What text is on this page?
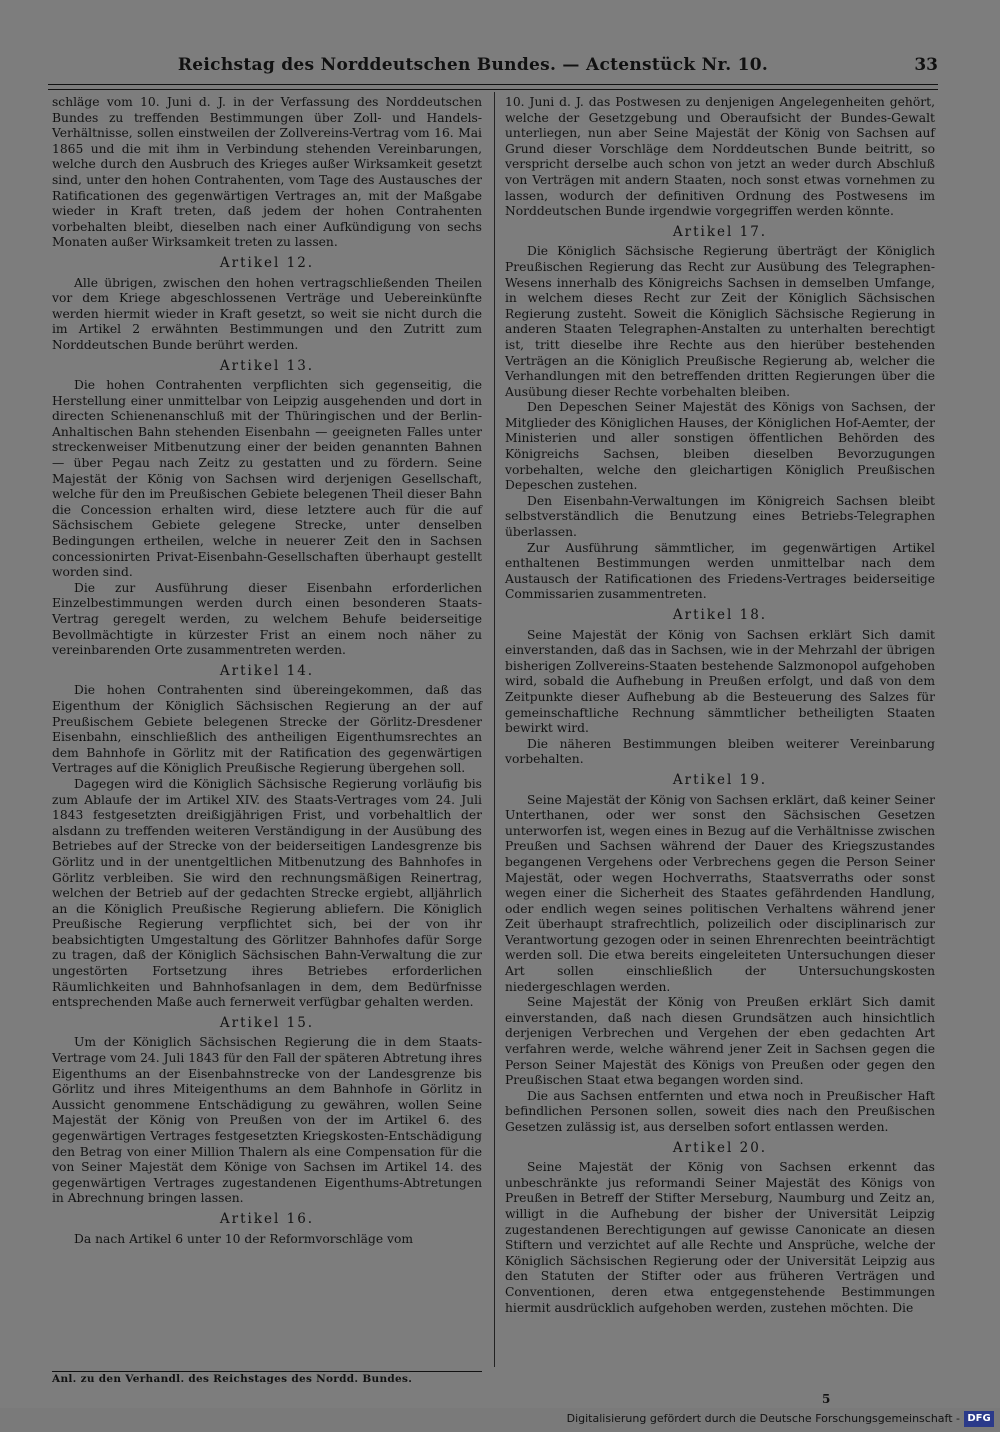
Reichstag des Norddeutschen Bundes. — Actenstück Nr. 10.	33

schläge vom 10. Juni d. J. in der Verfassung des Norddeutschen Bundes zu treffenden Bestimmungen über Zoll- und Handels-Verhältnisse, sollen einstweilen der Zollvereins-Vertrag vom 16. Mai 1865 und die mit ihm in Verbindung stehenden Vereinbarungen, welche durch den Ausbruch des Krieges außer Wirksamkeit gesetzt sind, unter den hohen Contrahenten, vom Tage des Austausches der Ratificationen des gegenwärtigen Vertrages an, mit der Maßgabe wieder in Kraft treten, daß jedem der hohen Contrahenten vorbehalten bleibt, dieselben nach einer Aufkündigung von sechs Monaten außer Wirksamkeit treten zu lassen.

Artikel 12.

Alle übrigen, zwischen den hohen vertragschließenden Theilen vor dem Kriege abgeschlossenen Verträge und Uebereinkünfte werden hiermit wieder in Kraft gesetzt, so weit sie nicht durch die im Artikel 2 erwähnten Bestimmungen und den Zutritt zum Norddeutschen Bunde berührt werden.

Artikel 13.

Die hohen Contrahenten verpflichten sich gegenseitig, die Herstellung einer unmittelbar von Leipzig ausgehenden und dort in directen Schienenanschluß mit der Thüringischen und der Berlin-Anhaltischen Bahn stehenden Eisenbahn — geeigneten Falles unter streckenweiser Mitbenutzung einer der beiden genannten Bahnen — über Pegau nach Zeitz zu gestatten und zu fördern. Seine Majestät der König von Sachsen wird derjenigen Gesellschaft, welche für den im Preußischen Gebiete belegenen Theil dieser Bahn die Concession erhalten wird, diese letztere auch für die auf Sächsischem Gebiete gelegene Strecke, unter denselben Bedingungen ertheilen, welche in neuerer Zeit den in Sachsen concessionirten Privat-Eisenbahn-Gesellschaften überhaupt gestellt worden sind.

Die zur Ausführung dieser Eisenbahn erforderlichen Einzelbestimmungen werden durch einen besonderen Staats-Vertrag geregelt werden, zu welchem Behufe beiderseitige Bevollmächtigte in kürzester Frist an einem noch näher zu vereinbarenden Orte zusammentreten werden.

Artikel 14.

Die hohen Contrahenten sind übereingekommen, daß das Eigenthum der Königlich Sächsischen Regierung an der auf Preußischem Gebiete belegenen Strecke der Görlitz-Dresdener Eisenbahn, einschließlich des antheiligen Eigenthumsrechtes an dem Bahnhofe in Görlitz mit der Ratification des gegenwärtigen Vertrages auf die Königlich Preußische Regierung übergehen soll.

Dagegen wird die Königlich Sächsische Regierung vorläufig bis zum Ablaufe der im Artikel XIV. des Staats-Vertrages vom 24. Juli 1843 festgesetzten dreißigjährigen Frist, und vorbehaltlich der alsdann zu treffenden weiteren Verständigung in der Ausübung des Betriebes auf der Strecke von der beiderseitigen Landesgrenze bis Görlitz und in der unentgeltlichen Mitbenutzung des Bahnhofes in Görlitz verbleiben. Sie wird den rechnungsmäßigen Reinertrag, welchen der Betrieb auf der gedachten Strecke ergiebt, alljährlich an die Königlich Preußische Regierung abliefern. Die Königlich Preußische Regierung verpflichtet sich, bei der von ihr beabsichtigten Umgestaltung des Görlitzer Bahnhofes dafür Sorge zu tragen, daß der Königlich Sächsischen Bahn-Verwaltung die zur ungestörten Fortsetzung ihres Betriebes erforderlichen Räumlichkeiten und Bahnhofsanlagen in dem, dem Bedürfnisse entsprechenden Maße auch fernerweit verfügbar gehalten werden.

Artikel 15.

Um der Königlich Sächsischen Regierung die in dem Staats-Vertrage vom 24. Juli 1843 für den Fall der späteren Abtretung ihres Eigenthums an der Eisenbahnstrecke von der Landesgrenze bis Görlitz und ihres Miteigenthums an dem Bahnhofe in Görlitz in Aussicht genommene Entschädigung zu gewähren, wollen Seine Majestät der König von Preußen von der im Artikel 6. des gegenwärtigen Vertrages festgesetzten Kriegskosten-Entschädigung den Betrag von einer Million Thalern als eine Compensation für die von Seiner Majestät dem Könige von Sachsen im Artikel 14. des gegenwärtigen Vertrages zugestandenen Eigenthums-Abtretungen in Abrechnung bringen lassen.

Artikel 16.

Da nach Artikel 6 unter 10 der Reformvorschläge vom

10. Juni d. J. das Postwesen zu denjenigen Angelegenheiten gehört, welche der Gesetzgebung und Oberaufsicht der Bundes-Gewalt unterliegen, nun aber Seine Majestät der König von Sachsen auf Grund dieser Vorschläge dem Norddeutschen Bunde beitritt, so verspricht derselbe auch schon von jetzt an weder durch Abschluß von Verträgen mit andern Staaten, noch sonst etwas vornehmen zu lassen, wodurch der definitiven Ordnung des Postwesens im Norddeutschen Bunde irgendwie vorgegriffen werden könnte.

Artikel 17.

Die Königlich Sächsische Regierung überträgt der Königlich Preußischen Regierung das Recht zur Ausübung des Telegraphen-Wesens innerhalb des Königreichs Sachsen in demselben Umfange, in welchem dieses Recht zur Zeit der Königlich Sächsischen Regierung zusteht. Soweit die Königlich Sächsische Regierung in anderen Staaten Telegraphen-Anstalten zu unterhalten berechtigt ist, tritt dieselbe ihre Rechte aus den hierüber bestehenden Verträgen an die Königlich Preußische Regierung ab, welcher die Verhandlungen mit den betreffenden dritten Regierungen über die Ausübung dieser Rechte vorbehalten bleiben.

Den Depeschen Seiner Majestät des Königs von Sachsen, der Mitglieder des Königlichen Hauses, der Königlichen Hof-Aemter, der Ministerien und aller sonstigen öffentlichen Behörden des Königreichs Sachsen, bleiben dieselben Bevorzugungen vorbehalten, welche den gleichartigen Königlich Preußischen Depeschen zustehen.

Den Eisenbahn-Verwaltungen im Königreich Sachsen bleibt selbstverständlich die Benutzung eines Betriebs-Telegraphen überlassen.

Zur Ausführung sämmtlicher, im gegenwärtigen Artikel enthaltenen Bestimmungen werden unmittelbar nach dem Austausch der Ratificationen des Friedens-Vertrages beiderseitige Commissarien zusammentreten.

Artikel 18.

Seine Majestät der König von Sachsen erklärt Sich damit einverstanden, daß das in Sachsen, wie in der Mehrzahl der übrigen bisherigen Zollvereins-Staaten bestehende Salzmonopol aufgehoben wird, sobald die Aufhebung in Preußen erfolgt, und daß von dem Zeitpunkte dieser Aufhebung ab die Besteuerung des Salzes für gemeinschaftliche Rechnung sämmtlicher betheiligten Staaten bewirkt wird.

Die näheren Bestimmungen bleiben weiterer Vereinbarung vorbehalten.

Artikel 19.

Seine Majestät der König von Sachsen erklärt, daß keiner Seiner Unterthanen, oder wer sonst den Sächsischen Gesetzen unterworfen ist, wegen eines in Bezug auf die Verhältnisse zwischen Preußen und Sachsen während der Dauer des Kriegszustandes begangenen Vergehens oder Verbrechens gegen die Person Seiner Majestät, oder wegen Hochverraths, Staatsverraths oder sonst wegen einer die Sicherheit des Staates gefährdenden Handlung, oder endlich wegen seines politischen Verhaltens während jener Zeit überhaupt strafrechtlich, polizeilich oder disciplinarisch zur Verantwortung gezogen oder in seinen Ehrenrechten beeinträchtigt werden soll. Die etwa bereits eingeleiteten Untersuchungen dieser Art sollen einschließlich der Untersuchungskosten niedergeschlagen werden.

Seine Majestät der König von Preußen erklärt Sich damit einverstanden, daß nach diesen Grundsätzen auch hinsichtlich derjenigen Verbrechen und Vergehen der eben gedachten Art verfahren werde, welche während jener Zeit in Sachsen gegen die Person Seiner Majestät des Königs von Preußen oder gegen den Preußischen Staat etwa begangen worden sind.

Die aus Sachsen entfernten und etwa noch in Preußischer Haft befindlichen Personen sollen, soweit dies nach den Preußischen Gesetzen zulässig ist, aus derselben sofort entlassen werden.

Artikel 20.

Seine Majestät der König von Sachsen erkennt das unbeschränkte jus reformandi Seiner Majestät des Königs von Preußen in Betreff der Stifter Merseburg, Naumburg und Zeitz an, willigt in die Aufhebung der bisher der Universität Leipzig zugestandenen Berechtigungen auf gewisse Canonicate an diesen Stiftern und verzichtet auf alle Rechte und Ansprüche, welche der Königlich Sächsischen Regierung oder der Universität Leipzig aus den Statuten der Stifter oder aus früheren Verträgen und Conventionen, deren etwa entgegenstehende Bestimmungen hiermit ausdrücklich aufgehoben werden, zustehen möchten. Die

Anl. zu den Verhandl. des Reichstages des Nordd. Bundes.
5
Digitalisierung gefördert durch die Deutsche Forschungsgemeinschaft - DFG
